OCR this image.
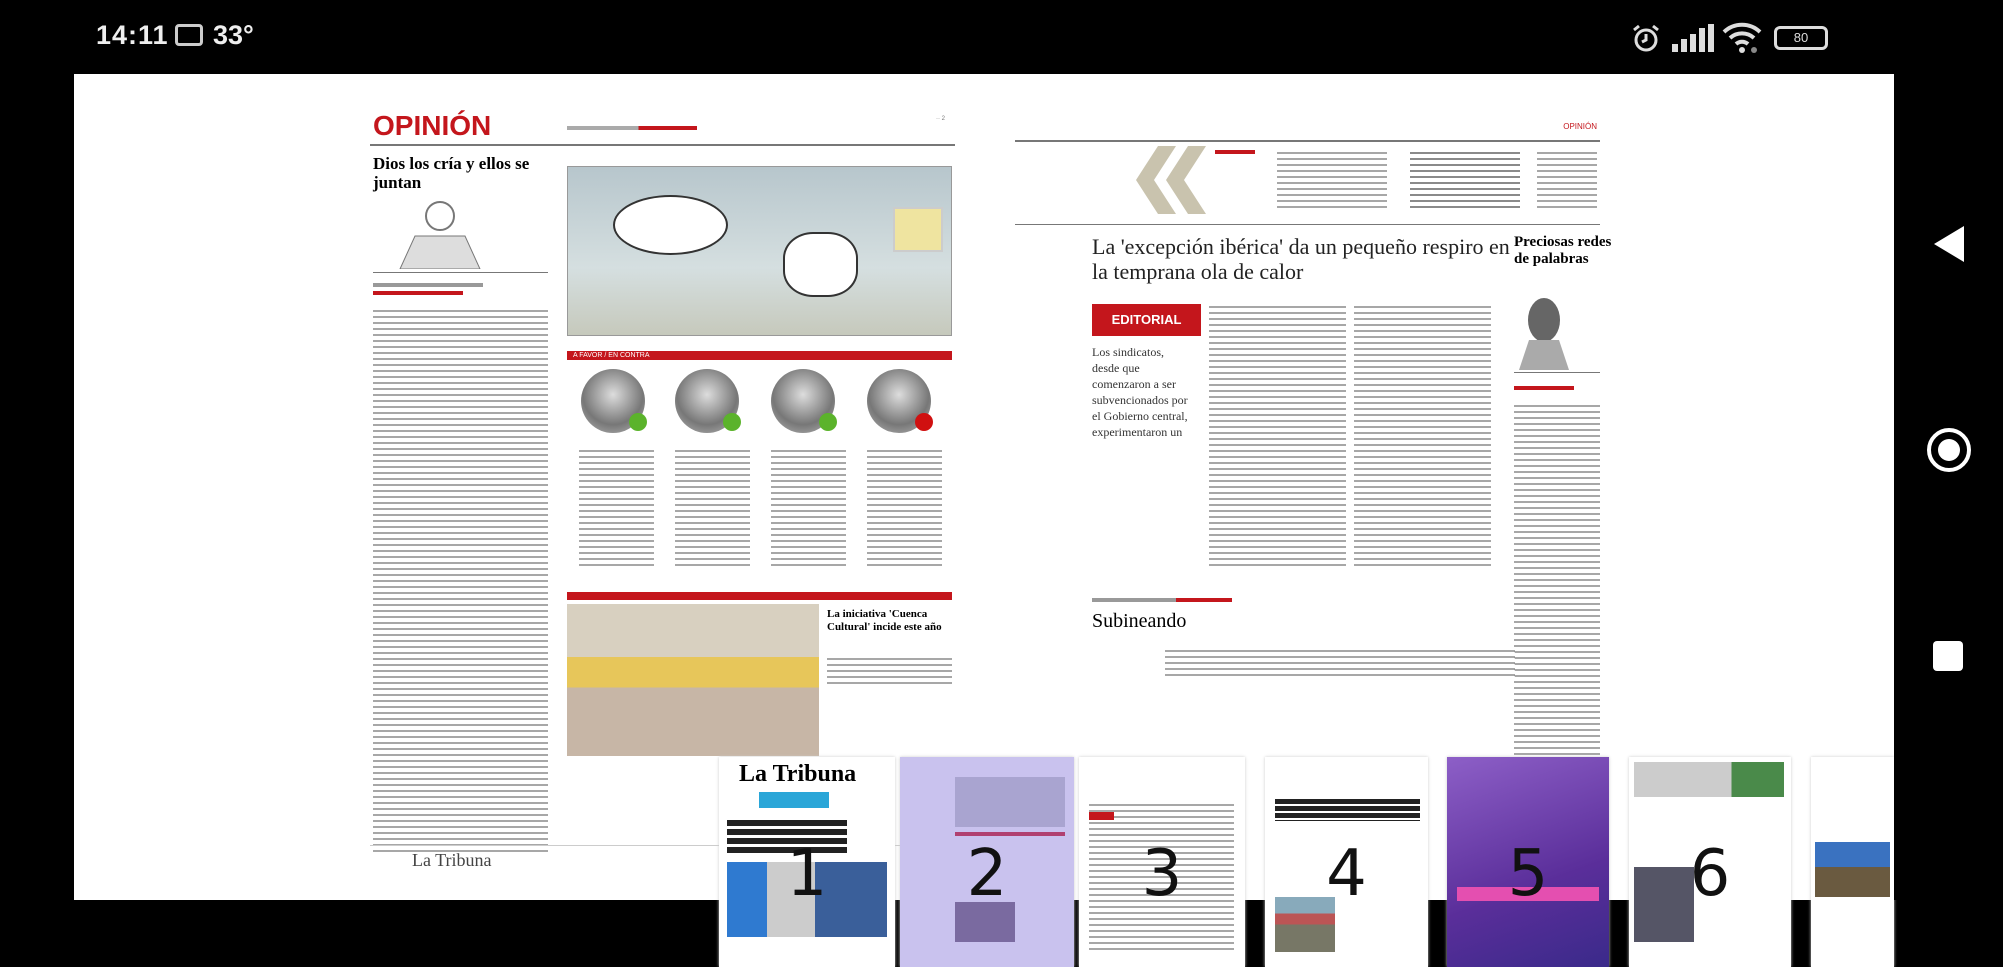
14:11 33°	80
OPINIÓN	·· 2
Dios los cría y ellos se juntan
A FAVOR / EN CONTRA
La iniciativa 'Cuenca Cultural' incide este año
La Tribuna
OPINIÓN
La 'excepción ibérica' da un pequeño respiro en la temprana ola de calor
EDITORIAL
Los sindicatos, desde que comenzaron a ser subvencionados por el Gobierno central, experimentaron un
Preciosas redes de palabras
Subineando
La Tribuna
1 2 3 4 5 6
